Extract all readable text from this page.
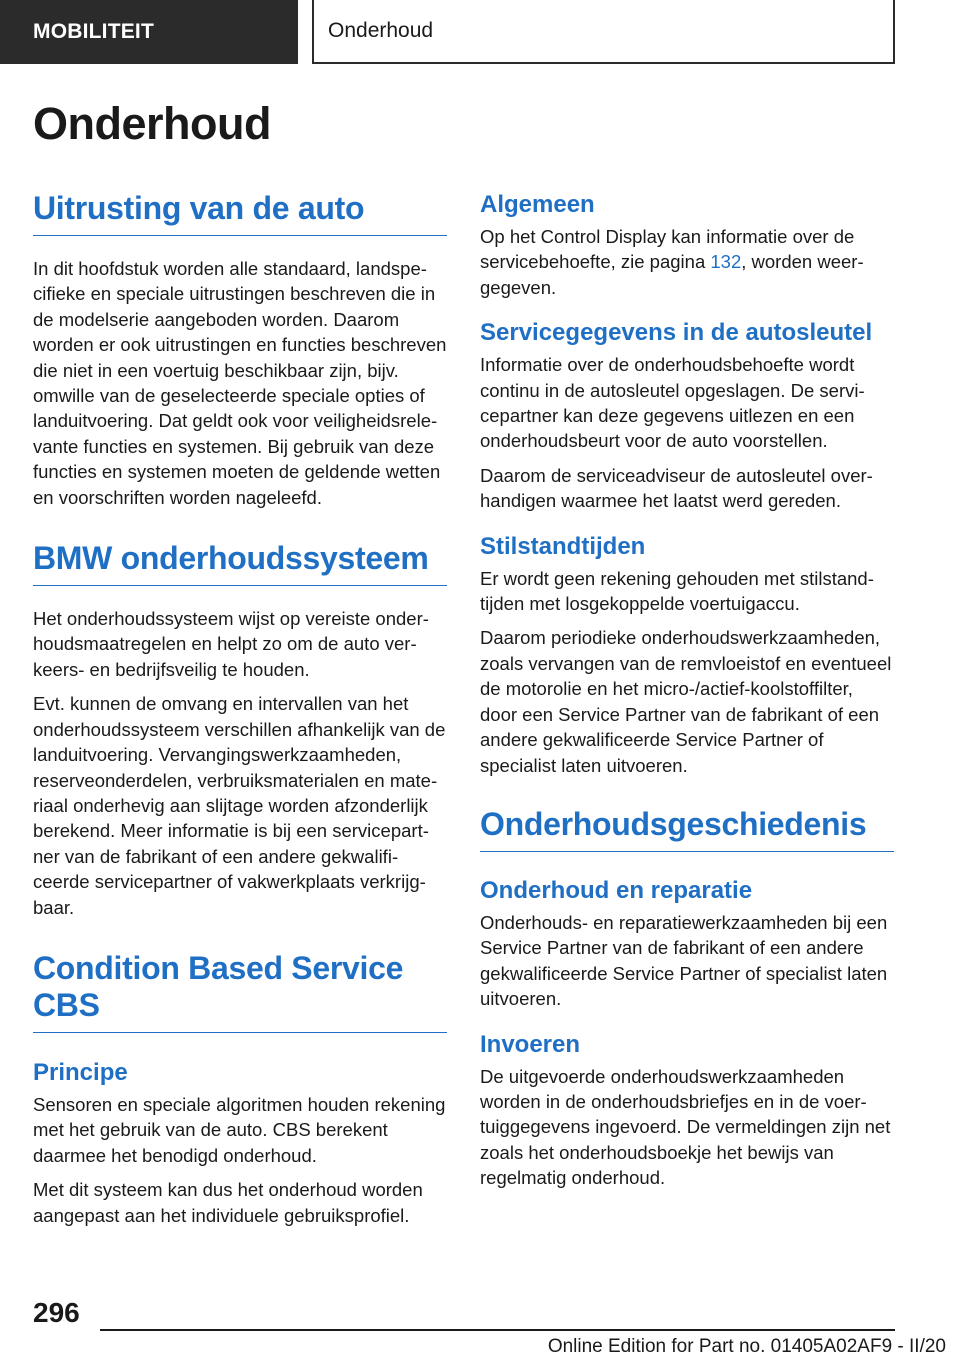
MOBILITEIT	Onderhoud
Onderhoud
Uitrusting van de auto

In dit hoofdstuk worden alle standaard, landspecifieke en speciale uitrustingen beschreven die in de modelserie aangeboden worden. Daarom worden er ook uitrustingen en functies beschreven die niet in een voertuig beschikbaar zijn, bijv. omwille van de geselecteerde speciale opties of landuitvoering. Dat geldt ook voor veiligheidsrelevante functies en systemen. Bij gebruik van deze functies en systemen moeten de geldende wetten en voorschriften worden nageleefd.

BMW onderhoudssysteem

Het onderhoudssysteem wijst op vereiste onderhoudsmaatregelen en helpt zo om de auto verkeers- en bedrijfsveilig te houden.

Evt. kunnen de omvang en intervallen van het onderhoudssysteem verschillen afhankelijk van de landuitvoering. Vervangingswerkzaamheden, reserveonderdelen, verbruiksmaterialen en materiaal onderhevig aan slijtage worden afzonderlijk berekend. Meer informatie is bij een servicepartner van de fabrikant of een andere gekwalificeerde servicepartner of vakwerkplaats verkrijgbaar.

Condition Based Service CBS
Principe

Sensoren en speciale algoritmen houden rekening met het gebruik van de auto. CBS berekent daarmee het benodigd onderhoud.

Met dit systeem kan dus het onderhoud worden aangepast aan het individuele gebruiksprofiel.

Algemeen

Op het Control Display kan informatie over de servicebehoefte, zie pagina 132, worden weergegeven.

Servicegegevens in de autosleutel

Informatie over de onderhoudsbehoefte wordt continu in de autosleutel opgeslagen. De servicepartner kan deze gegevens uitlezen en een onderhoudsbeurt voor de auto voorstellen.

Daarom de serviceadviseur de autosleutel overhandigen waarmee het laatst werd gereden.

Stilstandtijden

Er wordt geen rekening gehouden met stilstandtijden met losgekoppelde voertuigaccu.

Daarom periodieke onderhoudswerkzaamheden, zoals vervangen van de remvloeistof en eventueel de motorolie en het micro-/actief-koolstoffilter, door een Service Partner van de fabrikant of een andere gekwalificeerde Service Partner of specialist laten uitvoeren.

Onderhoudsgeschiedenis
Onderhoud en reparatie

Onderhouds- en reparatiewerkzaamheden bij een Service Partner van de fabrikant of een andere gekwalificeerde Service Partner of specialist laten uitvoeren.

Invoeren

De uitgevoerde onderhoudswerkzaamheden worden in de onderhoudsbriefjes en in de voertuiggegevens ingevoerd. De vermeldingen zijn net zoals het onderhoudsboekje het bewijs van regelmatig onderhoud.

296
Online Edition for Part no. 01405A02AF9 - II/20
